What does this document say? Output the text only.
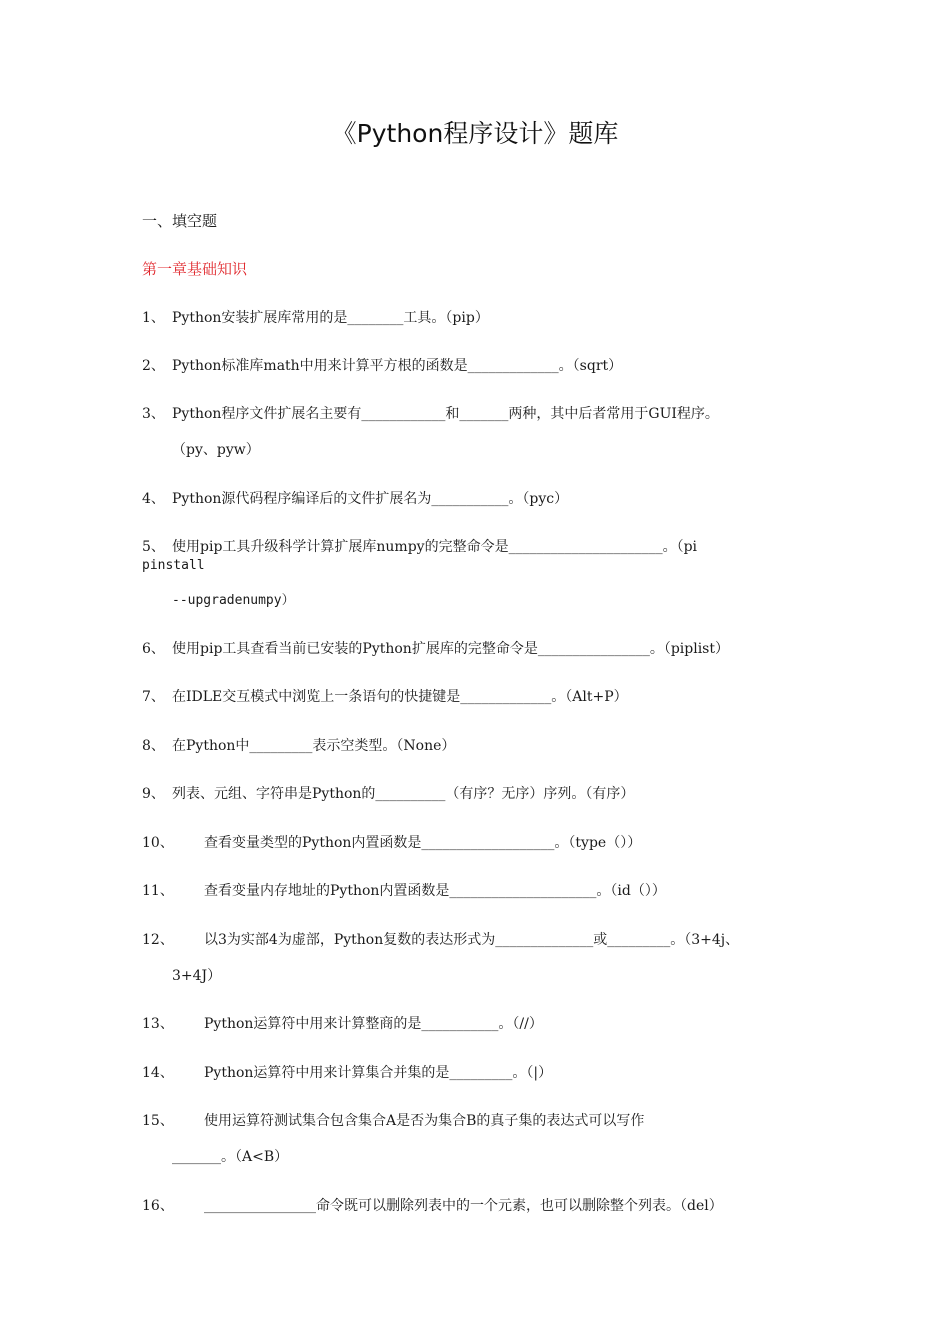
《Python程序设计》题库
一、填空题
第一章基础知识
1、 Python安装扩展库常用的是________工具。（pip）
2、 Python标准库math中用来计算平方根的函数是_____________。（sqrt）
3、 Python程序文件扩展名主要有____________和_______两种，其中后者常用于GUI程序。
（py、pyw）
4、 Python源代码程序编译后的文件扩展名为___________。（pyc）
5、 使用pip工具升级科学计算扩展库numpy的完整命令是______________________。（pi
pinstall
--upgradenumpy）
6、 使用pip工具查看当前已安装的Python扩展库的完整命令是________________。（piplist）
7、 在IDLE交互模式中浏览上一条语句的快捷键是_____________。（Alt+P）
8、 在Python中_________表示空类型。（None）
9、 列表、元组、字符串是Python的__________（有序？无序）序列。（有序）
10、 查看变量类型的Python内置函数是___________________。（type（））
11、 查看变量内存地址的Python内置函数是_____________________。（id（））
12、 以3为实部4为虚部，Python复数的表达形式为______________或_________。（3+4j、
3+4J）
13、 Python运算符中用来计算整商的是___________。（//）
14、 Python运算符中用来计算集合并集的是_________。（|）
15、 使用运算符测试集合包含集合A是否为集合B的真子集的表达式可以写作
_______。（A<B）
16、 ________________命令既可以删除列表中的一个元素，也可以删除整个列表。（del）
